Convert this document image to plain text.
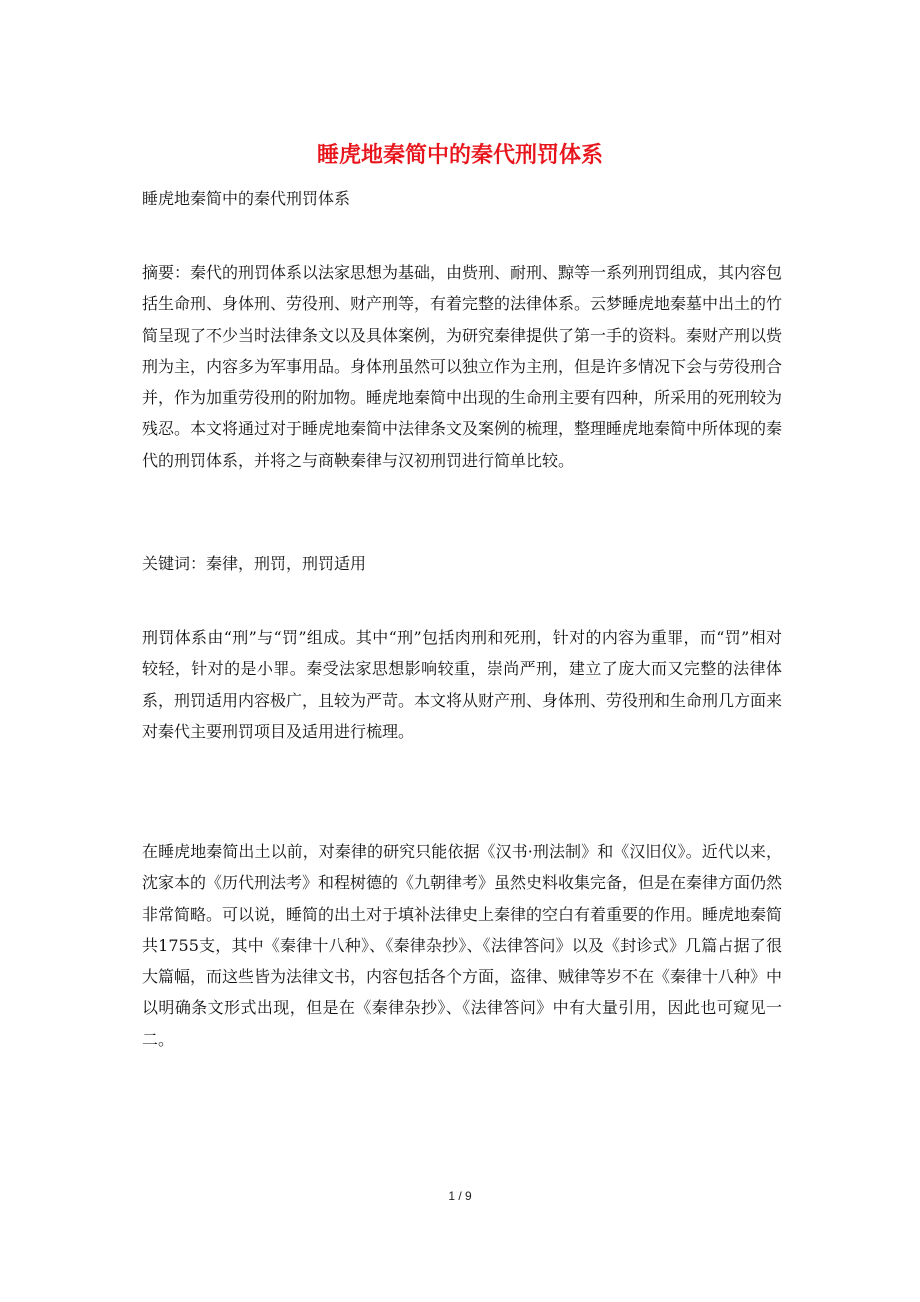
睡虎地秦简中的秦代刑罚体系

睡虎地秦简中的秦代刑罚体系

摘要：秦代的刑罚体系以法家思想为基础，由赀刑、耐刑、黥等一系列刑罚组成，其内容包括生命刑、身体刑、劳役刑、财产刑等，有着完整的法律体系。云梦睡虎地秦墓中出土的竹简呈现了不少当时法律条文以及具体案例，为研究秦律提供了第一手的资料。秦财产刑以赀刑为主，内容多为军事用品。身体刑虽然可以独立作为主刑，但是许多情况下会与劳役刑合并，作为加重劳役刑的附加物。睡虎地秦简中出现的生命刑主要有四种，所采用的死刑较为残忍。本文将通过对于睡虎地秦简中法律条文及案例的梳理，整理睡虎地秦简中所体现的秦代的刑罚体系，并将之与商鞅秦律与汉初刑罚进行简单比较。

关键词：秦律，刑罚，刑罚适用

刑罚体系由“刑”与“罚”组成。其中“刑”包括肉刑和死刑，针对的内容为重罪，而“罚”相对较轻，针对的是小罪。秦受法家思想影响较重，崇尚严刑，建立了庞大而又完整的法律体系，刑罚适用内容极广，且较为严苛。本文将从财产刑、身体刑、劳役刑和生命刑几方面来对秦代主要刑罚项目及适用进行梳理。

在睡虎地秦简出土以前，对秦律的研究只能依据《汉书·刑法制》和《汉旧仪》。近代以来，沈家本的《历代刑法考》和程树德的《九朝律考》虽然史料收集完备，但是在秦律方面仍然非常简略。可以说，睡简的出土对于填补法律史上秦律的空白有着重要的作用。睡虎地秦简共1755支，其中《秦律十八种》、《秦律杂抄》、《法律答问》以及《封诊式》几篇占据了很大篇幅，而这些皆为法律文书，内容包括各个方面，盗律、贼律等岁不在《秦律十八种》中以明确条文形式出现，但是在《秦律杂抄》、《法律答问》中有大量引用，因此也可窥见一二。

1 / 9
